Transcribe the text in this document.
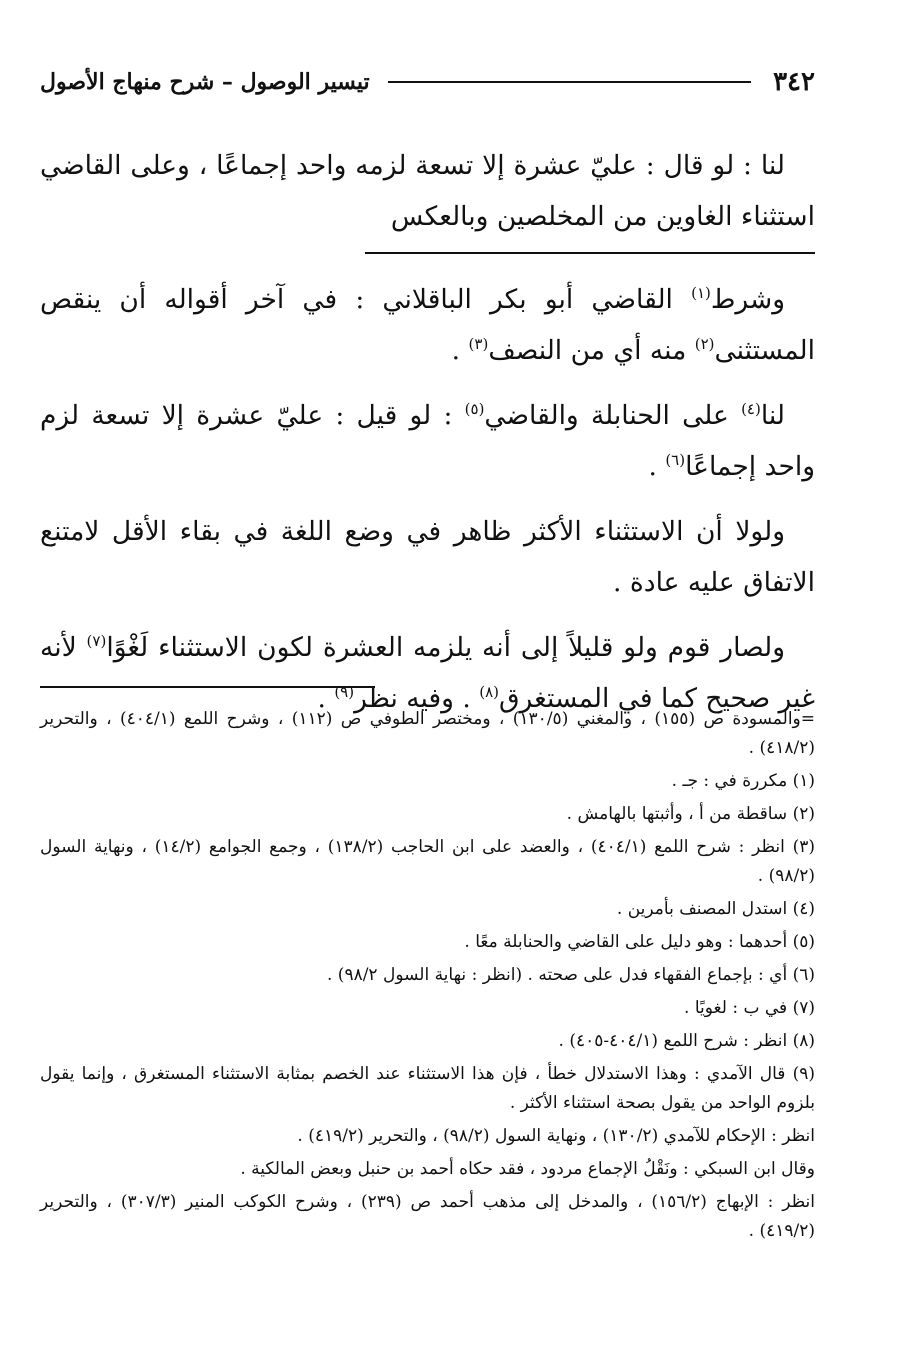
٣٤٢
تيسير الوصول – شرح منهاج الأصول

لنا : لو قال : عليّ عشرة إلا تسعة لزمه واحد إجماعًا ، وعلى القاضي استثناء الغاوين من المخلصين وبالعكس

وشرط$^{(١)}$ القاضي أبو بكر الباقلاني : في آخر أقواله أن ينقص المستثنى$^{(٢)}$ منه أي من النصف$^{(٣)}$ .

لنا$^{(٤)}$ على الحنابلة والقاضي$^{(٥)}$ : لو قيل : عليّ عشرة إلا تسعة لزم واحد إجماعًا$^{(٦)}$ .

ولولا أن الاستثناء الأكثر ظاهر في وضع اللغة في بقاء الأقل لامتنع الاتفاق عليه عادة .

ولصار قوم ولو قليلاً إلى أنه يلزمه العشرة لكون الاستثناء لَغْوًا$^{(٧)}$ لأنه غير صحيح كما في المستغرق$^{(٨)}$ . وفيه نظر$^{(٩)}$ .

=والمسودة ص (١٥٥) ، والمغني (١٣٠/٥) ، ومختصر الطوفي ص (١١٢) ، وشرح اللمع (٤٠٤/١) ، والتحرير (٤١٨/٢) .

(١) مكررة في : جـ .

(٢) ساقطة من أ ، وأثبتها بالهامش .

(٣) انظر : شرح اللمع (٤٠٤/١) ، والعضد على ابن الحاجب (١٣٨/٢) ، وجمع الجوامع (١٤/٢) ، ونهاية السول (٩٨/٢) .

(٤) استدل المصنف بأمرين .

(٥) أحدهما : وهو دليل على القاضي والحنابلة معًا .

(٦) أي : بإجماع الفقهاء فدل على صحته . (انظر : نهاية السول ٩٨/٢) .

(٧) في ب : لغويًا .

(٨) انظر : شرح اللمع (٤٠٤/١-٤٠٥) .

(٩) قال الآمدي : وهذا الاستدلال خطأ ، فإن هذا الاستثناء عند الخصم بمثابة الاستثناء المستغرق ، وإنما يقول بلزوم الواحد من يقول بصحة استثناء الأكثر .

انظر : الإحكام للآمدي (١٣٠/٢) ، ونهاية السول (٩٨/٢) ، والتحرير (٤١٩/٢) .

وقال ابن السبكي : ونَقْلُ الإجماع مردود ، فقد حكاه أحمد بن حنبل وبعض المالكية .

انظر : الإبهاج (١٥٦/٢) ، والمدخل إلى مذهب أحمد ص (٢٣٩) ، وشرح الكوكب المنير (٣٠٧/٣) ، والتحرير (٤١٩/٢) .
